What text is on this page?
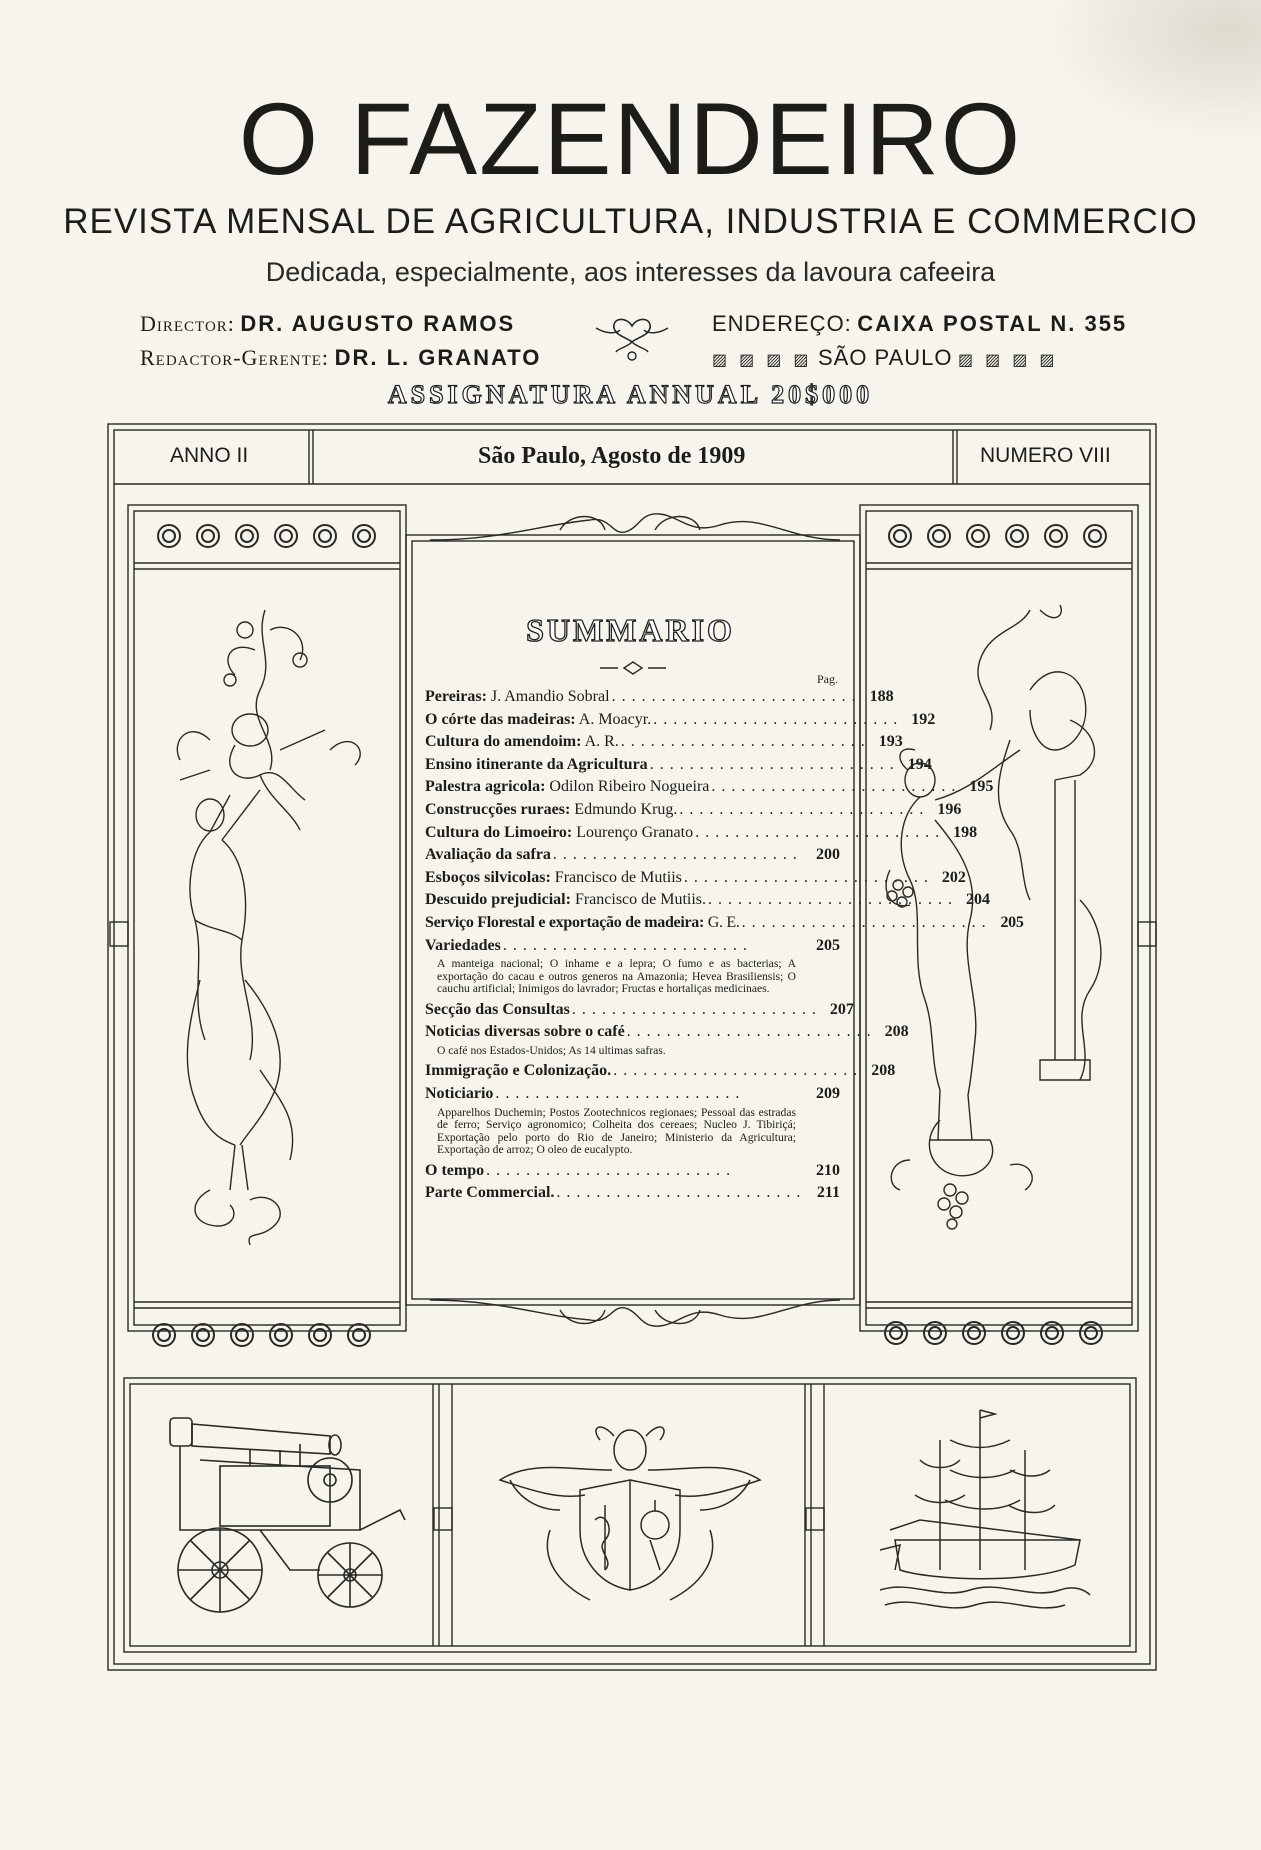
O FAZENDEIRO
REVISTA MENSAL DE AGRICULTURA, INDUSTRIA E COMMERCIO
Dedicada, especialmente, aos interesses da lavoura cafeeira
Director: DR. AUGUSTO RAMOS
Redactor-Gerente: DR. L. GRANATO
ENDEREÇO: CAIXA POSTAL N. 355
▨ ▨ ▨ ▨ SÃO PAULO ▨ ▨ ▨ ▨
ASSIGNATURA ANNUAL 20$000
ANNO II	São Paulo, Agosto de 1909	NUMERO VIII
SUMMARIO
Pag.
Pereiras: J. Amandio Sobral ......................... 188
O córte das madeiras: A. Moacyr. ......................... 192
Cultura do amendoim: A. R. ......................... 193
Ensino itinerante da Agricultura ......................... 194
Palestra agricola: Odilon Ribeiro Nogueira ......................... 195
Construcções ruraes: Edmundo Krug. ......................... 196
Cultura do Limoeiro: Lourenço Granato ......................... 198
Avaliação da safra ......................... 200
Esboços silvicolas: Francisco de Mutiis ......................... 202
Descuido prejudicial: Francisco de Mutiis. ......................... 204
Serviço Florestal e exportação de madeira: G. E. ......................... 205
Variedades .........................	205
A manteiga nacional; O inhame e a lepra; O fumo e as bacterias; A exportação do cacau e outros generos na Amazonia; Hevea Brasiliensis; O cauchu artificial; Inimigos do lavrador; Fructas e hortaliças medicinaes.
Secção das Consultas ......................... 207
Noticias diversas sobre o café ......................... 208
O café nos Estados-Unidos; As 14 ultimas safras.
Immigração e Colonização. ......................... 208
Noticiario .........................	209
Apparelhos Duchemin; Postos Zootechnicos regionaes; Pessoal das estradas de ferro; Serviço agronomico; Colheita dos cereaes; Nucleo J. Tibiriçá; Exportação pelo porto do Rio de Janeiro; Ministerio da Agricultura; Exportação de arroz; O oleo de eucalypto.
O tempo .........................	210
Parte Commercial. ......................... 211
